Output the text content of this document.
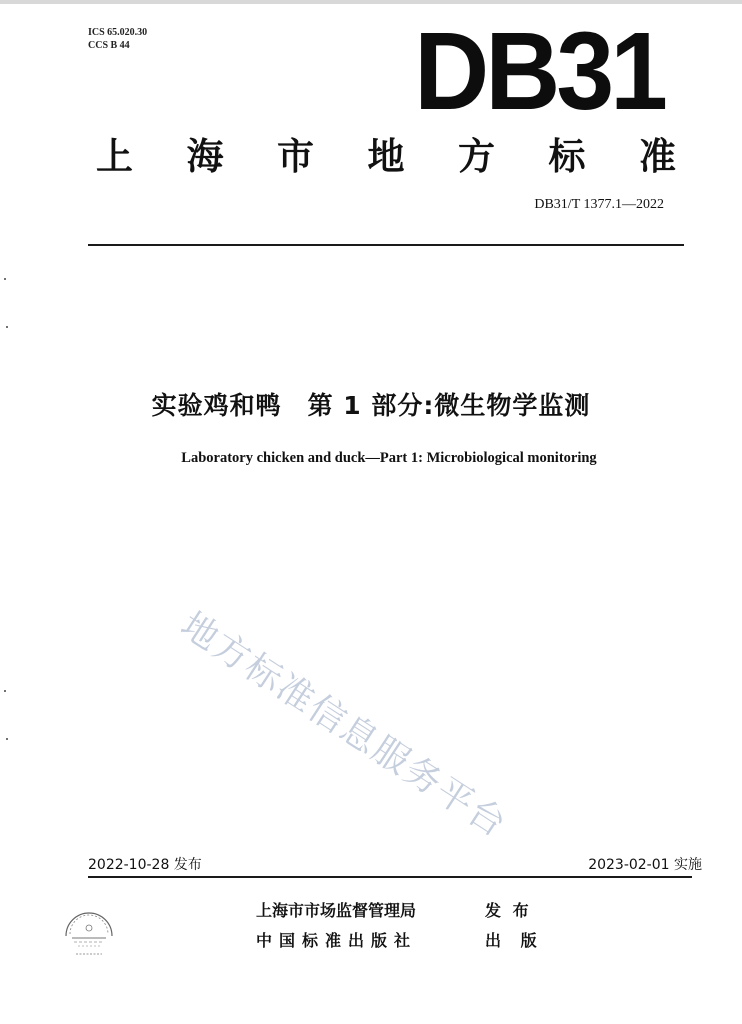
ICS 65.020.30
CCS B 44	DB31
上 海 市 地 方 标 准
DB31/T 1377.1—2022
实验鸡和鸭　第 1 部分:微生物学监测
Laboratory chicken and duck—Part 1: Microbiological monitoring
地方标准信息服务平台
2022-10-28 发布	2023-02-01 实施
上海市市场监督管理局	发 布
中国标准出版社	出 版
